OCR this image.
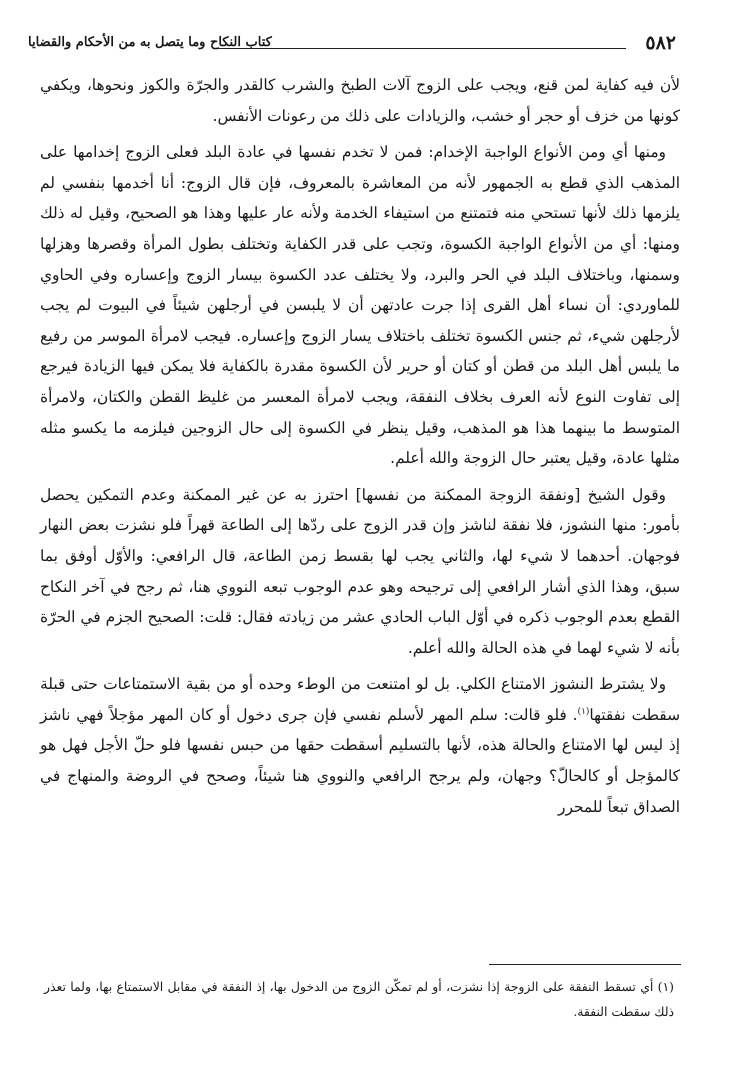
٥٨٢
كتاب النكاح وما يتصل به من الأحكام والقضايا

لأن فيه كفاية لمن قنع، ويجب على الزوج آلات الطبخ والشرب كالقدر والجرّة والكوز ونحوها، ويكفي كونها من خزف أو حجر أو خشب، والزيادات على ذلك من رعونات الأنفس.

ومنها أي ومن الأنواع الواجبة الإخدام: فمن لا تخدم نفسها في عادة البلد فعلى الزوج إخدامها على المذهب الذي قطع به الجمهور لأنه من المعاشرة بالمعروف، فإن قال الزوج: أنا أخدمها بنفسي لم يلزمها ذلك لأنها تستحي منه فتمتنع من استيفاء الخدمة ولأنه عار عليها وهذا هو الصحيح، وقيل له ذلك ومنها: أي من الأنواع الواجبة الكسوة، وتجب على قدر الكفاية وتختلف بطول المرأة وقصرها وهزلها وسمنها، وباختلاف البلد في الحر والبرد، ولا يختلف عدد الكسوة بيسار الزوج وإعساره وفي الحاوي للماوردي: أن نساء أهل القرى إذا جرت عادتهن أن لا يلبسن في أرجلهن شيئاً في البيوت لم يجب لأرجلهن شيء، ثم جنس الكسوة تختلف باختلاف يسار الزوج وإعساره. فيجب لامرأة الموسر من رفيع ما يلبس أهل البلد من قطن أو كتان أو حرير لأن الكسوة مقدرة بالكفاية فلا يمكن فيها الزيادة فيرجع إلى تفاوت النوع لأنه العرف بخلاف النفقة، ويجب لامرأة المعسر من غليظ القطن والكتان، ولامرأة المتوسط ما بينهما هذا هو المذهب، وقيل ينظر في الكسوة إلى حال الزوجين فيلزمه ما يكسو مثله مثلها عادة، وقيل يعتبر حال الزوجة والله أعلم.

وقول الشيخ [ونفقة الزوجة الممكنة من نفسها] احترز به عن غير الممكنة وعدم التمكين يحصل بأمور: منها النشوز، فلا نفقة لناشز وإن قدر الزوج على ردّها إلى الطاعة قهراً فلو نشزت بعض النهار فوجهان. أحدهما لا شيء لها، والثاني يجب لها بقسط زمن الطاعة، قال الرافعي: والأوّل أوفق بما سبق، وهذا الذي أشار الرافعي إلى ترجيحه وهو عدم الوجوب تبعه النووي هنا، ثم رجح في آخر النكاح القطع بعدم الوجوب ذكره في أوّل الباب الحادي عشر من زيادته فقال: قلت: الصحيح الجزم في الحرّة بأنه لا شيء لهما في هذه الحالة والله أعلم.

ولا يشترط النشوز الامتناع الكلي. بل لو امتنعت من الوطء وحده أو من بقية الاستمتاعات حتى قبلة سقطت نفقتها$^{(١)}$. فلو قالت: سلم المهر لأسلم نفسي فإن جرى دخول أو كان المهر مؤجلاً فهي ناشز إذ ليس لها الامتناع والحالة هذه، لأنها بالتسليم أسقطت حقها من حبس نفسها فلو حلّ الأجل فهل هو كالمؤجل أو كالحالّ؟ وجهان، ولم يرجح الرافعي والنووي هنا شيئاً، وصحح في الروضة والمنهاج في الصداق تبعاً للمحرر

(١) أي تسقط النفقة على الزوجة إذا نشزت، أو لم تمكّن الزوج من الدخول بها، إذ النفقة في مقابل الاستمتاع بها، ولما تعذر ذلك سقطت النفقة.
